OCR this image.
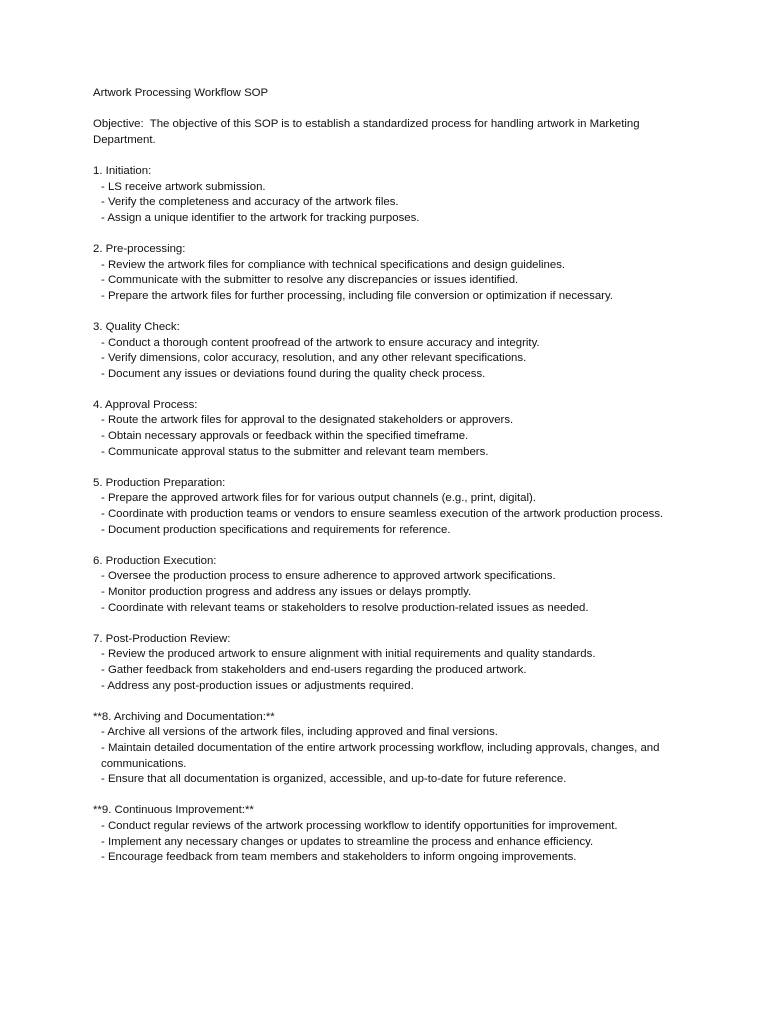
Artwork Processing Workflow SOP

Objective:  The objective of this SOP is to establish a standardized process for handling artwork in Marketing Department.

1. Initiation:

- LS receive artwork submission.

- Verify the completeness and accuracy of the artwork files.

- Assign a unique identifier to the artwork for tracking purposes.

2. Pre-processing:

- Review the artwork files for compliance with technical specifications and design guidelines.

- Communicate with the submitter to resolve any discrepancies or issues identified.

- Prepare the artwork files for further processing, including file conversion or optimization if necessary.

3. Quality Check:

- Conduct a thorough content proofread of the artwork to ensure accuracy and integrity.

- Verify dimensions, color accuracy, resolution, and any other relevant specifications.

- Document any issues or deviations found during the quality check process.

4. Approval Process:

- Route the artwork files for approval to the designated stakeholders or approvers.

- Obtain necessary approvals or feedback within the specified timeframe.

- Communicate approval status to the submitter and relevant team members.

5. Production Preparation:

- Prepare the approved artwork files for for various output channels (e.g., print, digital).

- Coordinate with production teams or vendors to ensure seamless execution of the artwork production process.

- Document production specifications and requirements for reference.

6. Production Execution:

- Oversee the production process to ensure adherence to approved artwork specifications.

- Monitor production progress and address any issues or delays promptly.

- Coordinate with relevant teams or stakeholders to resolve production-related issues as needed.

7. Post-Production Review:

- Review the produced artwork to ensure alignment with initial requirements and quality standards.

- Gather feedback from stakeholders and end-users regarding the produced artwork.

- Address any post-production issues or adjustments required.

**8. Archiving and Documentation:**

- Archive all versions of the artwork files, including approved and final versions.

- Maintain detailed documentation of the entire artwork processing workflow, including approvals, changes, and communications.

- Ensure that all documentation is organized, accessible, and up-to-date for future reference.

**9. Continuous Improvement:**

- Conduct regular reviews of the artwork processing workflow to identify opportunities for improvement.

- Implement any necessary changes or updates to streamline the process and enhance efficiency.

- Encourage feedback from team members and stakeholders to inform ongoing improvements.
